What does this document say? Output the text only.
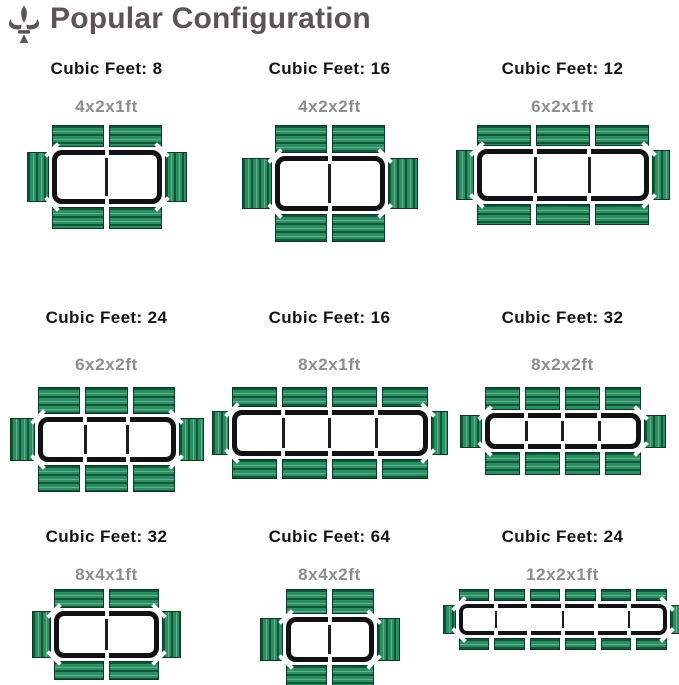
Popular Configuration
Cubic Feet: 8
4x2x1ft
Cubic Feet: 16
4x2x2ft
Cubic Feet: 12
6x2x1ft
Cubic Feet: 24
6x2x2ft
Cubic Feet: 16
8x2x1ft
Cubic Feet: 32
8x2x2ft
Cubic Feet: 32
8x4x1ft
Cubic Feet: 64
8x4x2ft
Cubic Feet: 24
12x2x1ft
